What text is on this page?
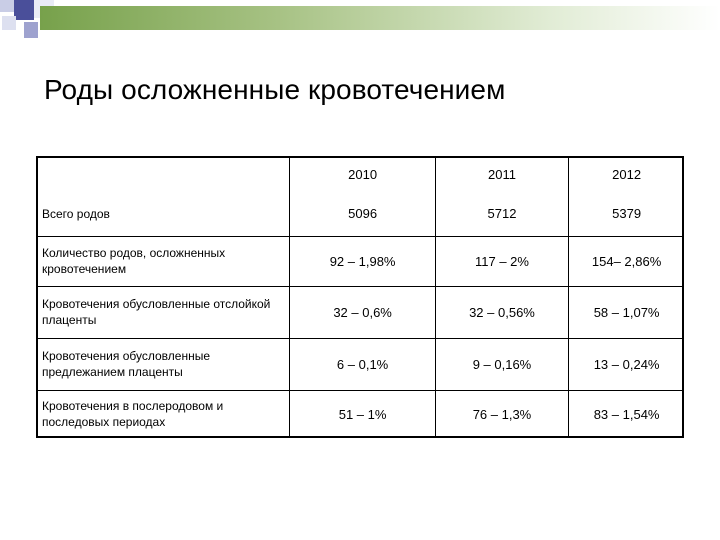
Роды осложненные кровотечением
	2010	2011	2012
Всего родов	5096	5712	5379
Количество родов, осложненных кровотечением	92 – 1,98%	117 – 2%	154– 2,86%
Кровотечения обусловленные отслойкой плаценты	32 – 0,6%	32 – 0,56%	58 – 1,07%
Кровотечения обусловленные предлежанием плаценты	6 – 0,1%	9 – 0,16%	13 – 0,24%
Кровотечения в послеродовом и последовых периодах	51 – 1%	76 – 1,3%	83 – 1,54%
